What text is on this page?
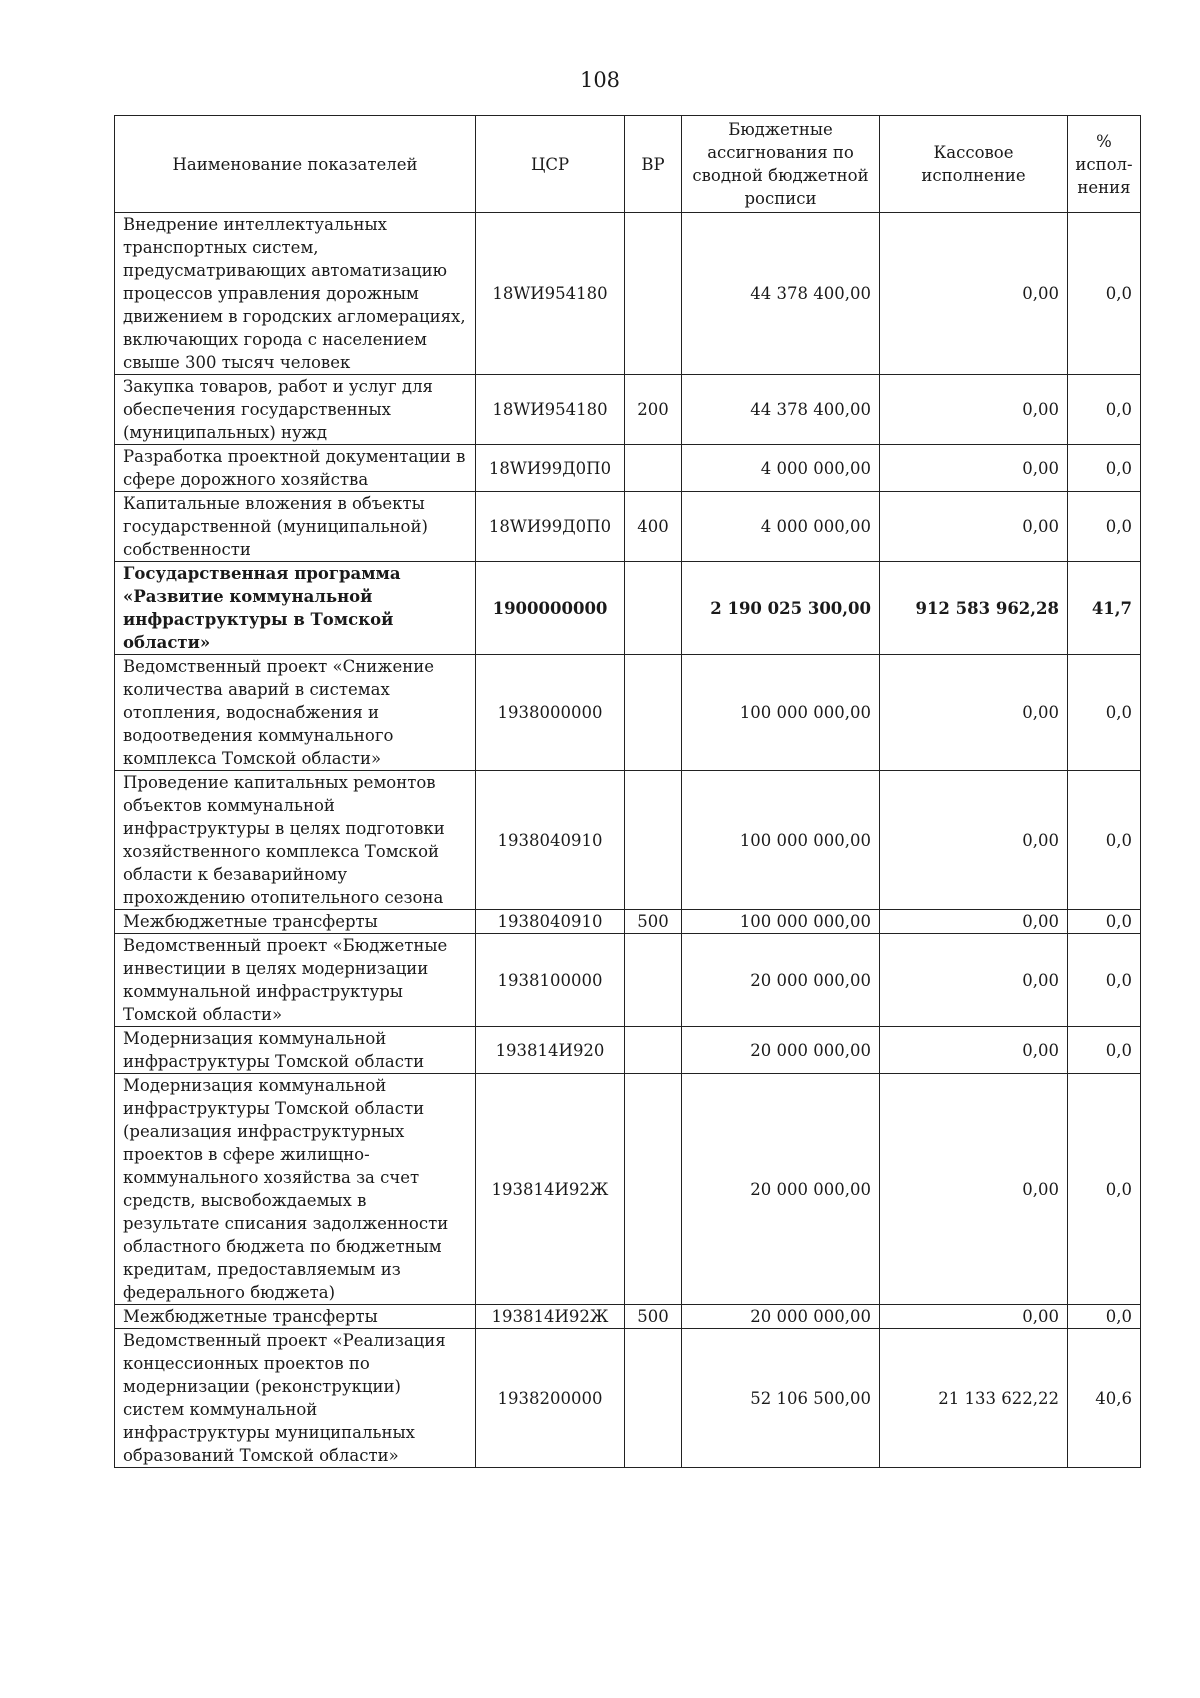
108
Наименование показателей	ЦСР	ВР	Бюджетные ассигнования по сводной бюджетной росписи	Кассовое исполнение	% испол-нения
Внедрение интеллектуальных транспортных систем, предусматривающих автоматизацию процессов управления дорожным движением в городских агломерациях, включающих города с населением свыше 300 тысяч человек	18WИ954180		44 378 400,00	0,00	0,0
Закупка товаров, работ и услуг для обеспечения государственных (муниципальных) нужд	18WИ954180	200	44 378 400,00	0,00	0,0
Разработка проектной документации в сфере дорожного хозяйства	18WИ99Д0П0		4 000 000,00	0,00	0,0
Капитальные вложения в объекты государственной (муниципальной) собственности	18WИ99Д0П0	400	4 000 000,00	0,00	0,0
Государственная программа «Развитие коммунальной инфраструктуры в Томской области»	1900000000		2 190 025 300,00	912 583 962,28	41,7
Ведомственный проект «Снижение количества аварий в системах отопления, водоснабжения и водоотведения коммунального комплекса Томской области»	1938000000		100 000 000,00	0,00	0,0
Проведение капитальных ремонтов объектов коммунальной инфраструктуры в целях подготовки хозяйственного комплекса Томской области к безаварийному прохождению отопительного сезона	1938040910		100 000 000,00	0,00	0,0
Межбюджетные трансферты	1938040910	500	100 000 000,00	0,00	0,0
Ведомственный проект «Бюджетные инвестиции в целях модернизации коммунальной инфраструктуры Томской области»	1938100000		20 000 000,00	0,00	0,0
Модернизация коммунальной инфраструктуры Томской области	193814И920		20 000 000,00	0,00	0,0
Модернизация коммунальной инфраструктуры Томской области (реализация инфраструктурных проектов в сфере жилищно-коммунального хозяйства за счет средств, высвобождаемых в результате списания задолженности областного бюджета по бюджетным кредитам, предоставляемым из федерального бюджета)	193814И92Ж		20 000 000,00	0,00	0,0
Межбюджетные трансферты	193814И92Ж	500	20 000 000,00	0,00	0,0
Ведомственный проект «Реализация концессионных проектов по модернизации (реконструкции) систем коммунальной инфраструктуры муниципальных образований Томской области»	1938200000		52 106 500,00	21 133 622,22	40,6
